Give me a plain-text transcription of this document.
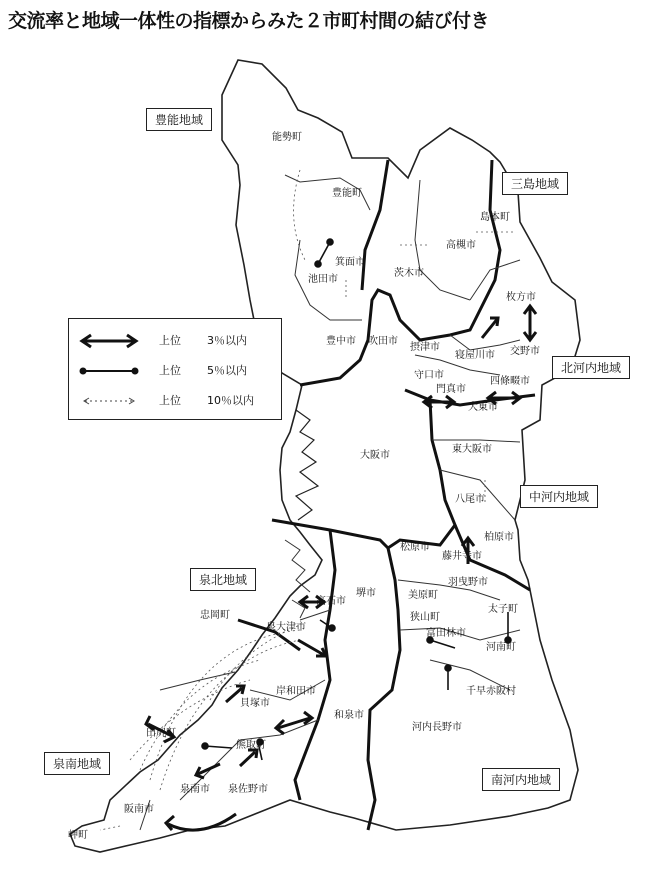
交流率と地域一体性の指標からみた２市町村間の結び付き
能勢町
豊能町
箕面市
池田市
豊中市 吹田市
茨木市
高槻市
島本町
摂津市
枚方市
寝屋川市 交野市
守口市
門真市
四條畷市
大東市
大阪市
東大阪市
八尾市
柏原市
松原市
藤井寺市
羽曳野市
美原町
太子町
狭山町
富田林市
河南町
千早赤阪村
河内長野市
堺市
高石市
忠岡町
泉大津市
和泉市
岸和田市
貝塚市
熊取町
田尻町
泉佐野市
泉南市
阪南市
岬町
豊能地域
三島地域
北河内地域
中河内地域
泉北地域
南河内地域
泉南地域
上位 3％以内
上位 5％以内
上位 10％以内
